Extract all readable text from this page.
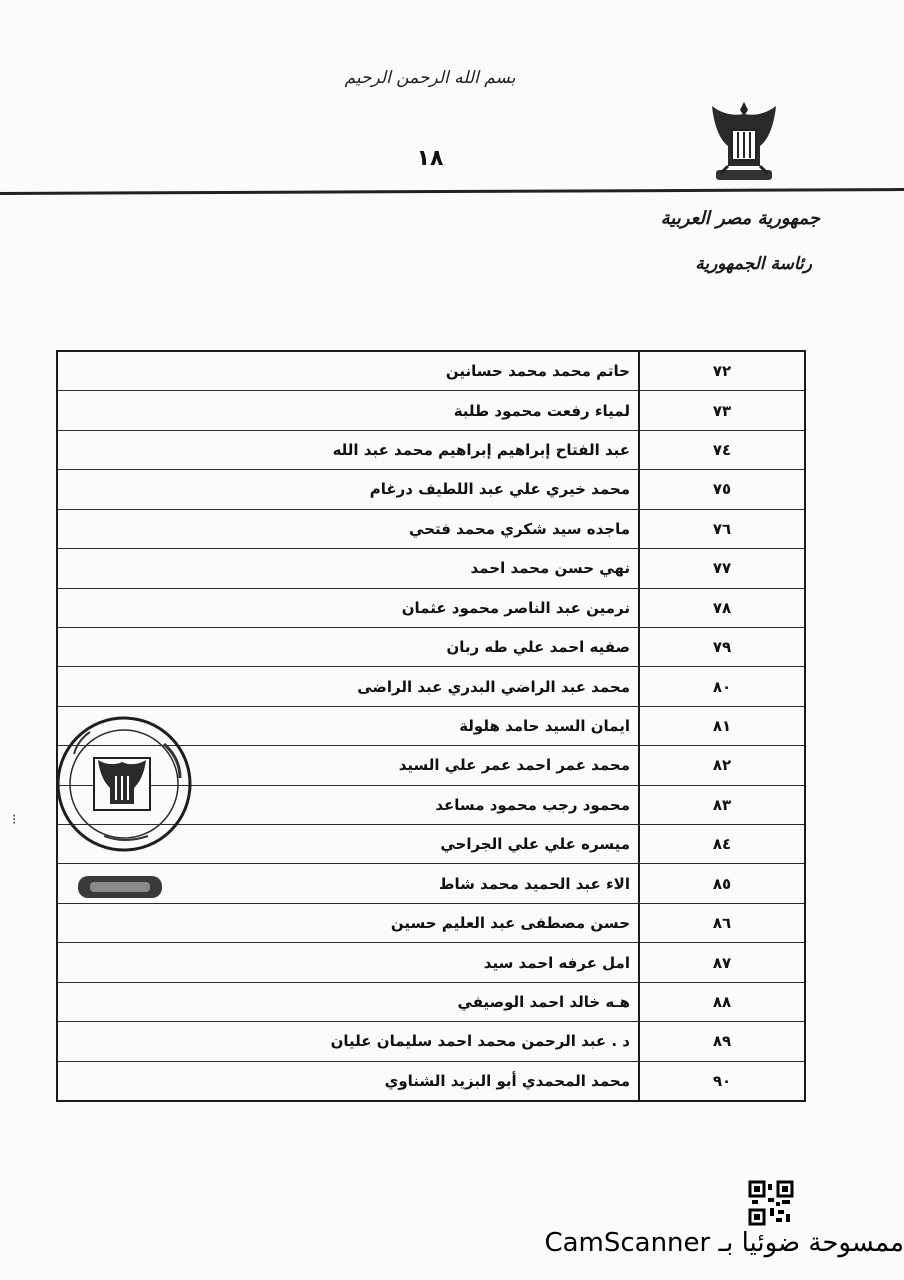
بسم الله الرحمن الرحيم
١٨
جمهورية مصر العربية
رئاسة الجمهورية
٧٢
حاتم محمد محمد حسانين
٧٣
لمياء رفعت محمود طلبة
٧٤
عبد الفتاح إبراهيم إبراهيم محمد عبد الله
٧٥
محمد خيري علي عبد اللطيف درغام
٧٦
ماجده سيد شكري محمد فتحي
٧٧
نهي حسن محمد احمد
٧٨
نرمين عبد الناصر محمود عثمان
٧٩
صفيه احمد علي طه ربان
٨٠
محمد عبد الراضي البدري عبد الراضى
٨١
ايمان السيد حامد هلولة
٨٢
محمد عمر احمد عمر علي السيد
٨٣
محمود رجب محمود مساعد
٨٤
ميسره علي علي الجراحي
٨٥
الاء عبد الحميد محمد شاط
٨٦
حسن مصطفى عبد العليم حسين
٨٧
امل عرفه احمد سيد
٨٨
هـه خالد احمد الوصيفي
٨٩
د . عبد الرحمن محمد احمد سليمان عليان
٩٠
محمد المحمدي أبو البزيد الشناوي
⁝
ممسوحة ضوئيا بـ CamScanner
